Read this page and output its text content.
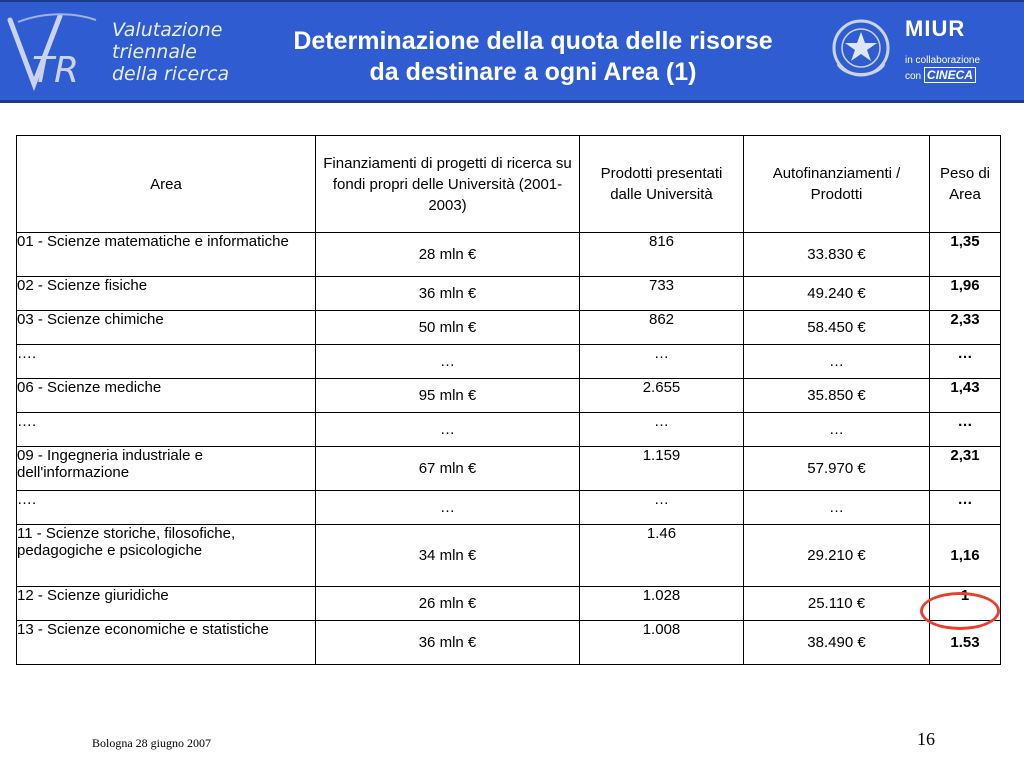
TR
Valutazione
triennale
della ricerca
Determinazione della quota delle risorse
da destinare a ogni Area (1)
MIUR
in collaborazione
con CINECA
Area	Finanziamenti di progetti di ricerca su fondi propri delle Università (2001-2003)	Prodotti presentati dalle Università	Autofinanziamenti / Prodotti	Peso di Area
01 - Scienze matematiche e informatiche	28 mln €	816	33.830 €	1,35
02 - Scienze fisiche	36 mln €	733	49.240 €	1,96
03 - Scienze chimiche	50 mln €	862	58.450 €	2,33
….	…	…	…	…
06 - Scienze mediche	95 mln €	2.655	35.850 €	1,43
….	…	…	…	…
09 - Ingegneria industriale e dell'informazione	67 mln €	1.159	57.970 €	2,31
….	…	…	…	…
11 - Scienze storiche, filosofiche, pedagogiche e psicologiche	34 mln €	1.46	29.210 €	1,16
12 - Scienze giuridiche	26 mln €	1.028	25.110 €	1
13 - Scienze economiche e statistiche	36 mln €	1.008	38.490 €	1.53
Bologna 28 giugno 2007	16
